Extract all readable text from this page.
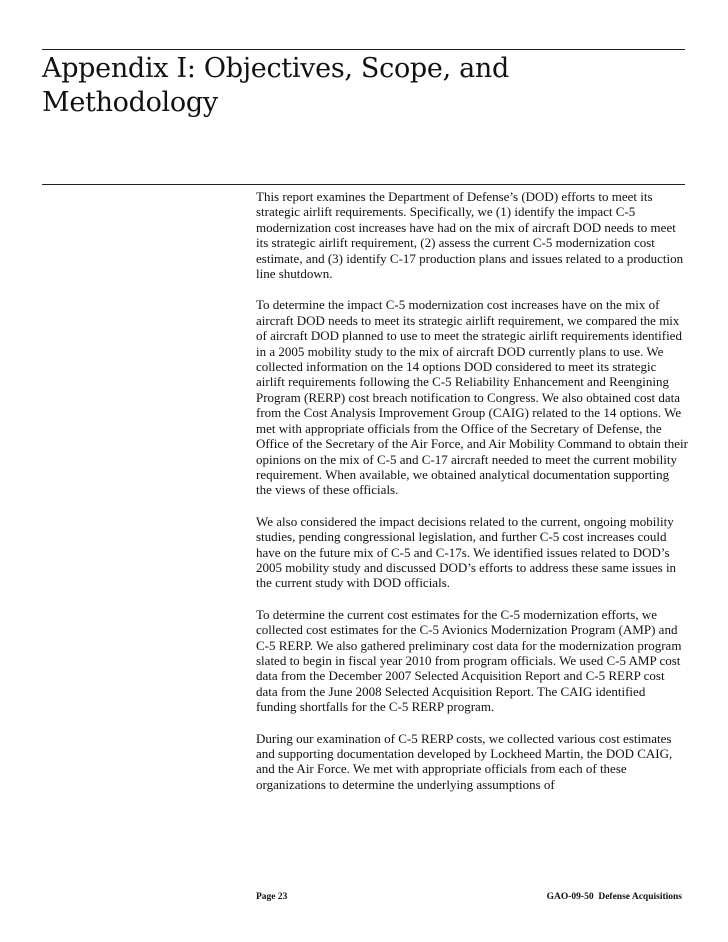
Appendix I: Objectives, Scope, and
Methodology

This report examines the Department of Defense’s (DOD) efforts to meet its strategic airlift requirements. Specifically, we (1) identify the impact C-5 modernization cost increases have had on the mix of aircraft DOD needs to meet its strategic airlift requirement, (2) assess the current C-5 modernization cost estimate, and (3) identify C-17 production plans and issues related to a production line shutdown.

To determine the impact C-5 modernization cost increases have on the mix of aircraft DOD needs to meet its strategic airlift requirement, we compared the mix of aircraft DOD planned to use to meet the strategic airlift requirements identified in a 2005 mobility study to the mix of aircraft DOD currently plans to use. We collected information on the 14 options DOD considered to meet its strategic airlift requirements following the C-5 Reliability Enhancement and Reengining Program (RERP) cost breach notification to Congress. We also obtained cost data from the Cost Analysis Improvement Group (CAIG) related to the 14 options. We met with appropriate officials from the Office of the Secretary of Defense, the Office of the Secretary of the Air Force, and Air Mobility Command to obtain their opinions on the mix of C-5 and C-17 aircraft needed to meet the current mobility requirement. When available, we obtained analytical documentation supporting the views of these officials.

We also considered the impact decisions related to the current, ongoing mobility studies, pending congressional legislation, and further C-5 cost increases could have on the future mix of C-5 and C-17s. We identified issues related to DOD’s 2005 mobility study and discussed DOD’s efforts to address these same issues in the current study with DOD officials.

To determine the current cost estimates for the C-5 modernization efforts, we collected cost estimates for the C-5 Avionics Modernization Program (AMP) and C-5 RERP. We also gathered preliminary cost data for the modernization program slated to begin in fiscal year 2010 from program officials. We used C-5 AMP cost data from the December 2007 Selected Acquisition Report and C-5 RERP cost data from the June 2008 Selected Acquisition Report. The CAIG identified funding shortfalls for the C-5 RERP program.

During our examination of C-5 RERP costs, we collected various cost estimates and supporting documentation developed by Lockheed Martin, the DOD CAIG, and the Air Force. We met with appropriate officials from each of these organizations to determine the underlying assumptions of

Page 23	GAO-09-50  Defense Acquisitions
